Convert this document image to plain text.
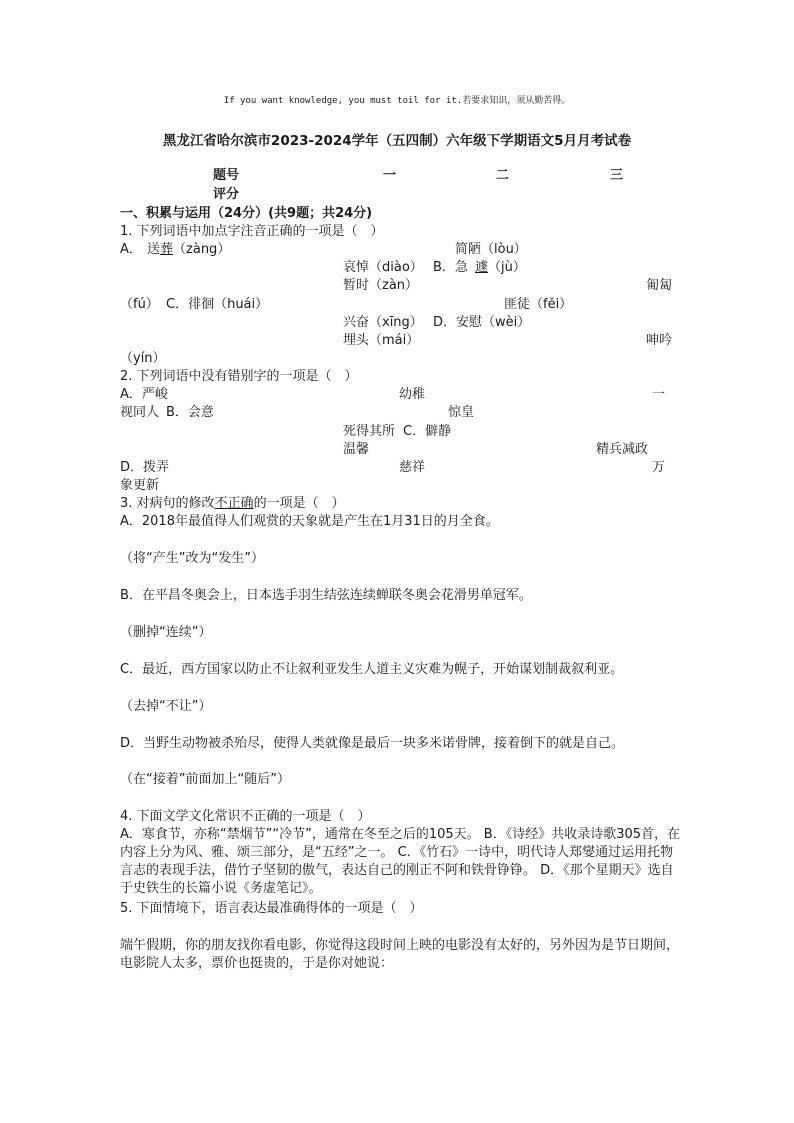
If you want knowledge, you must toil for it.若要求知识，须从勤苦得。
黑龙江省哈尔滨市2023-2024学年（五四制）六年级下学期语文5月月考试卷
题号	一	二	三
评分
一、积累与运用（24分）(共9题；共24分)
1. 下列词语中加点字注音正确的一项是（　）
A． 送葬（zàng）	简陋（lòu）
哀悼（diào） B．急 遽（jù）
暂时（zàn）	匍匐
（fú） C．徘徊（huái）	匪徒（fěi）
兴奋（xīng） D．安慰（wèi）
埋头（mái）	呻吟
（yín）
2. 下列词语中没有错别字的一项是（　）
A．严峻	幼稚	一
视同人 B．会意	惊皇
死得其所 C．僻静
温馨	精兵减政
D．拨弄	慈祥	万
象更新
3. 对病句的修改不正确的一项是（　）
A．2018年最值得人们观赏的天象就是产生在1月31日的月全食。
（将“产生”改为“发生”）
B．在平昌冬奥会上，日本选手羽生结弦连续蝉联冬奥会花滑男单冠军。
（删掉“连续”）
C．最近，西方国家以防止不让叙利亚发生人道主义灾难为幌子，开始谋划制裁叙利亚。
（去掉“不让”）
D．当野生动物被杀殆尽，使得人类就像是最后一块多米诺骨牌，接着倒下的就是自己。
（在“接着”前面加上“随后”）
4. 下面文学文化常识不正确的一项是（　）
A．寒食节，亦称“禁烟节”“冷节”，通常在冬至之后的105天。 B．《诗经》共收录诗歌305首，在内容上分为风、雅、颂三部分，是“五经”之一。 C．《竹石》一诗中，明代诗人郑燮通过运用托物言志的表现手法，借竹子坚韧的傲气，表达自己的刚正不阿和铁骨铮铮。 D．《那个星期天》选自于史铁生的长篇小说《务虚笔记》。
5. 下面情境下，语言表达最准确得体的一项是（　）
端午假期，你的朋友找你看电影，你觉得这段时间上映的电影没有太好的，另外因为是节日期间，电影院人太多，票价也挺贵的，于是你对她说：
